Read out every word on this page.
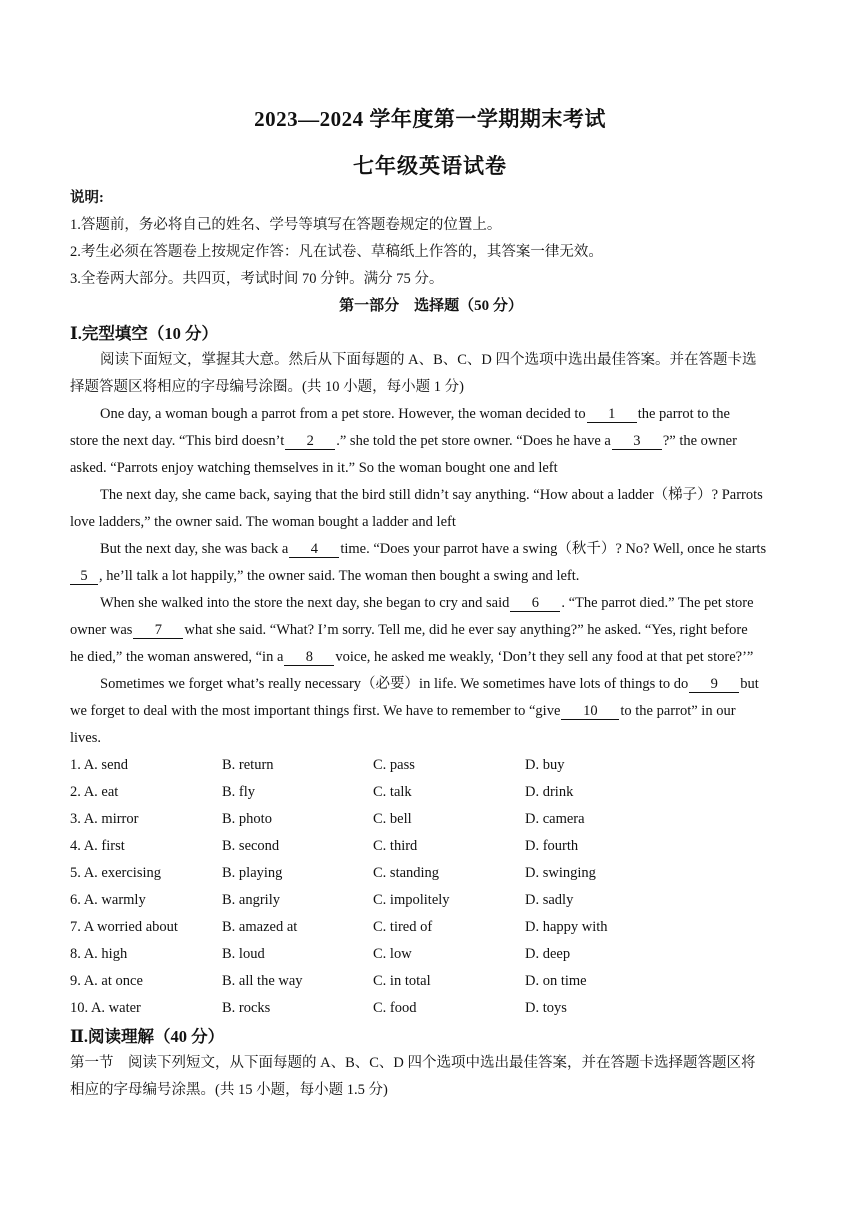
2023—2024 学年度第一学期期末考试
七年级英语试卷
说明:
1.答题前，务必将自己的姓名、学号等填写在答题卷规定的位置上。
2.考生必须在答题卷上按规定作答：凡在试卷、草稿纸上作答的，其答案一律无效。
3.全卷两大部分。共四页，考试时间 70 分钟。满分 75 分。
第一部分　选择题（50 分）
Ⅰ.完型填空（10 分）
阅读下面短文，掌握其大意。然后从下面每题的 A、B、C、D 四个选项中选出最佳答案。并在答题卡选
择题答题区将相应的字母编号涂圈。(共 10 小题，每小题 1 分)
One day, a woman bough a parrot from a pet store. However, the woman decided to 1 the parrot to the
store the next day. “This bird doesn’t 2 .” she told the pet store owner. “Does he have a 3 ?” the owner
asked. “Parrots enjoy watching themselves in it.” So the woman bought one and left
The next day, she came back, saying that the bird still didn’t say anything. “How about a ladder（梯子）? Parrots
love ladders,” the owner said. The woman bought a ladder and left
But the next day, she was back a 4 time. “Does your parrot have a swing（秋千）? No? Well, once he starts
5 , he’ll talk a lot happily,” the owner said. The woman then bought a swing and left.
When she walked into the store the next day, she began to cry and said 6 . “The parrot died.” The pet store
owner was 7 what she said. “What? I’m sorry. Tell me, did he ever say anything?” he asked. “Yes, right before
he died,” the woman answered, “in a 8 voice, he asked me weakly, ‘Don’t they sell any food at that pet store?’”
Sometimes we forget what’s really necessary（必要）in life. We sometimes have lots of things to do 9 but
we forget to deal with the most important things first. We have to remember to “give 10 to the parrot” in our
lives.
1. A. send	B. return	C. pass	D. buy
2. A. eat	B. fly	C. talk	D. drink
3. A. mirror	B. photo	C. bell	D. camera
4. A. first	B. second	C. third	D. fourth
5. A. exercising	B. playing	C. standing	D. swinging
6. A. warmly	B. angrily	C. impolitely	D. sadly
7. A worried about	B. amazed at	C. tired of	D. happy with
8. A. high	B. loud	C. low	D. deep
9. A. at once	B. all the way	C. in total	D. on time
10. A. water	B. rocks	C. food	D. toys
Ⅱ.阅读理解（40 分）
第一节　阅读下列短文，从下面每题的 A、B、C、D 四个选项中选出最佳答案，并在答题卡选择题答题区将
相应的字母编号涂黑。(共 15 小题，每小题 1.5 分)
